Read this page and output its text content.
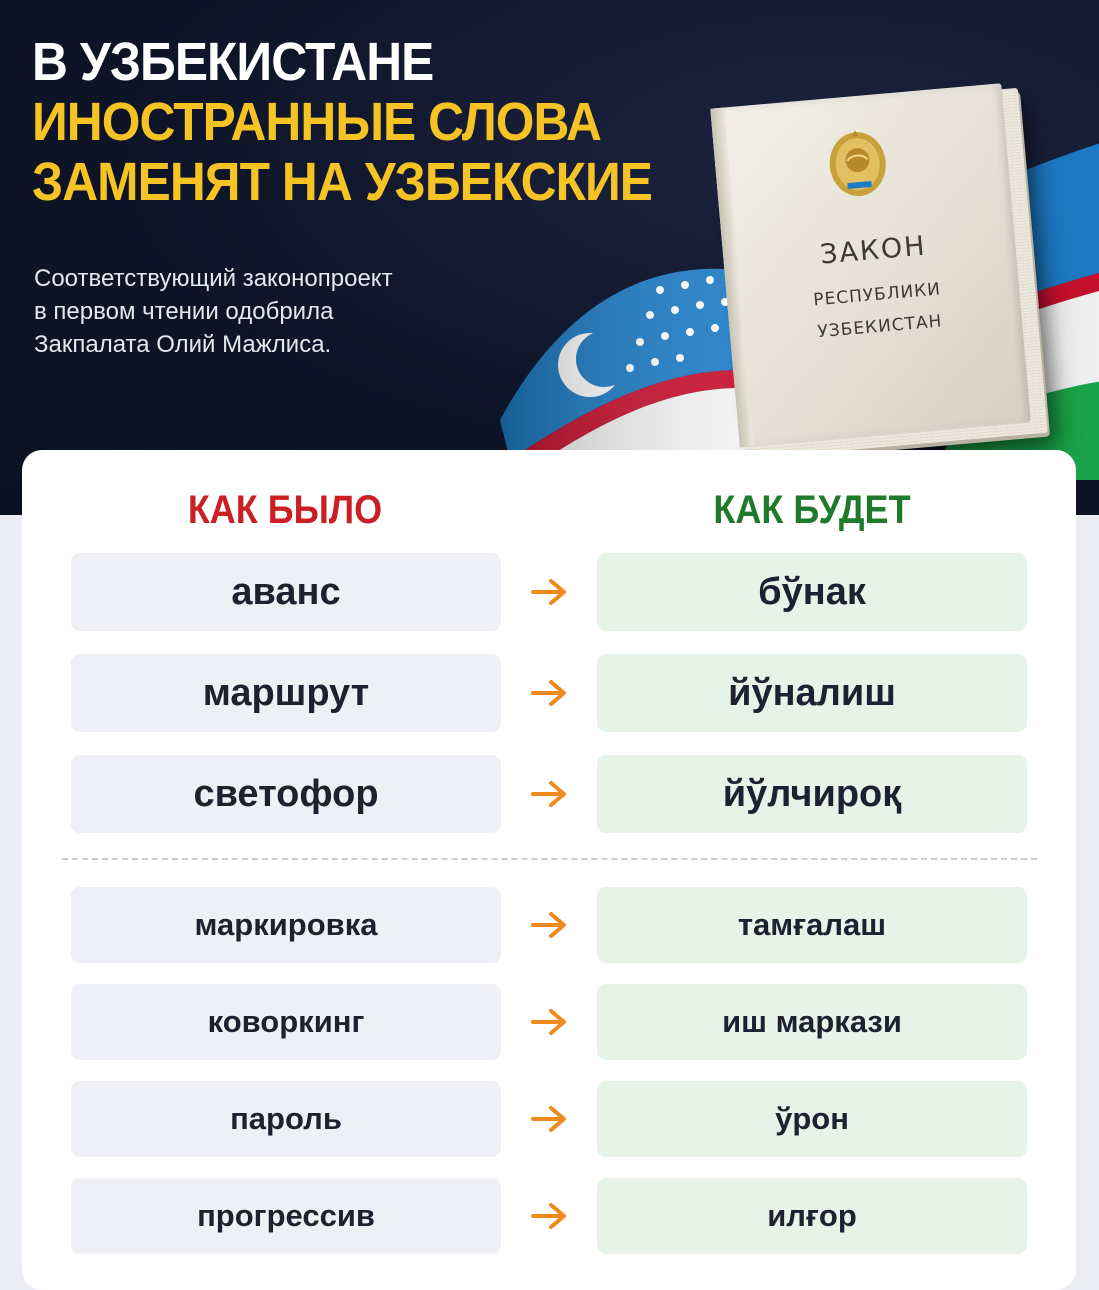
В УЗБЕКИСТАНЕ
ИНОСТРАННЫЕ СЛОВА
ЗАМЕНЯТ НА УЗБЕКСКИЕ
Соответствующий законопроект
в первом чтении одобрила
Закпалата Олий Мажлиса.
ЗАКОН
РЕСПУБЛИКИ
УЗБЕКИСТАН
КАК БЫЛО	КАК БУДЕТ
аванс	бўнак
маршрут	йўналиш
светофор	йўлчироқ
маркировка	тамғалаш
коворкинг	иш маркази
пароль	ўрон
прогрессив	илғор
